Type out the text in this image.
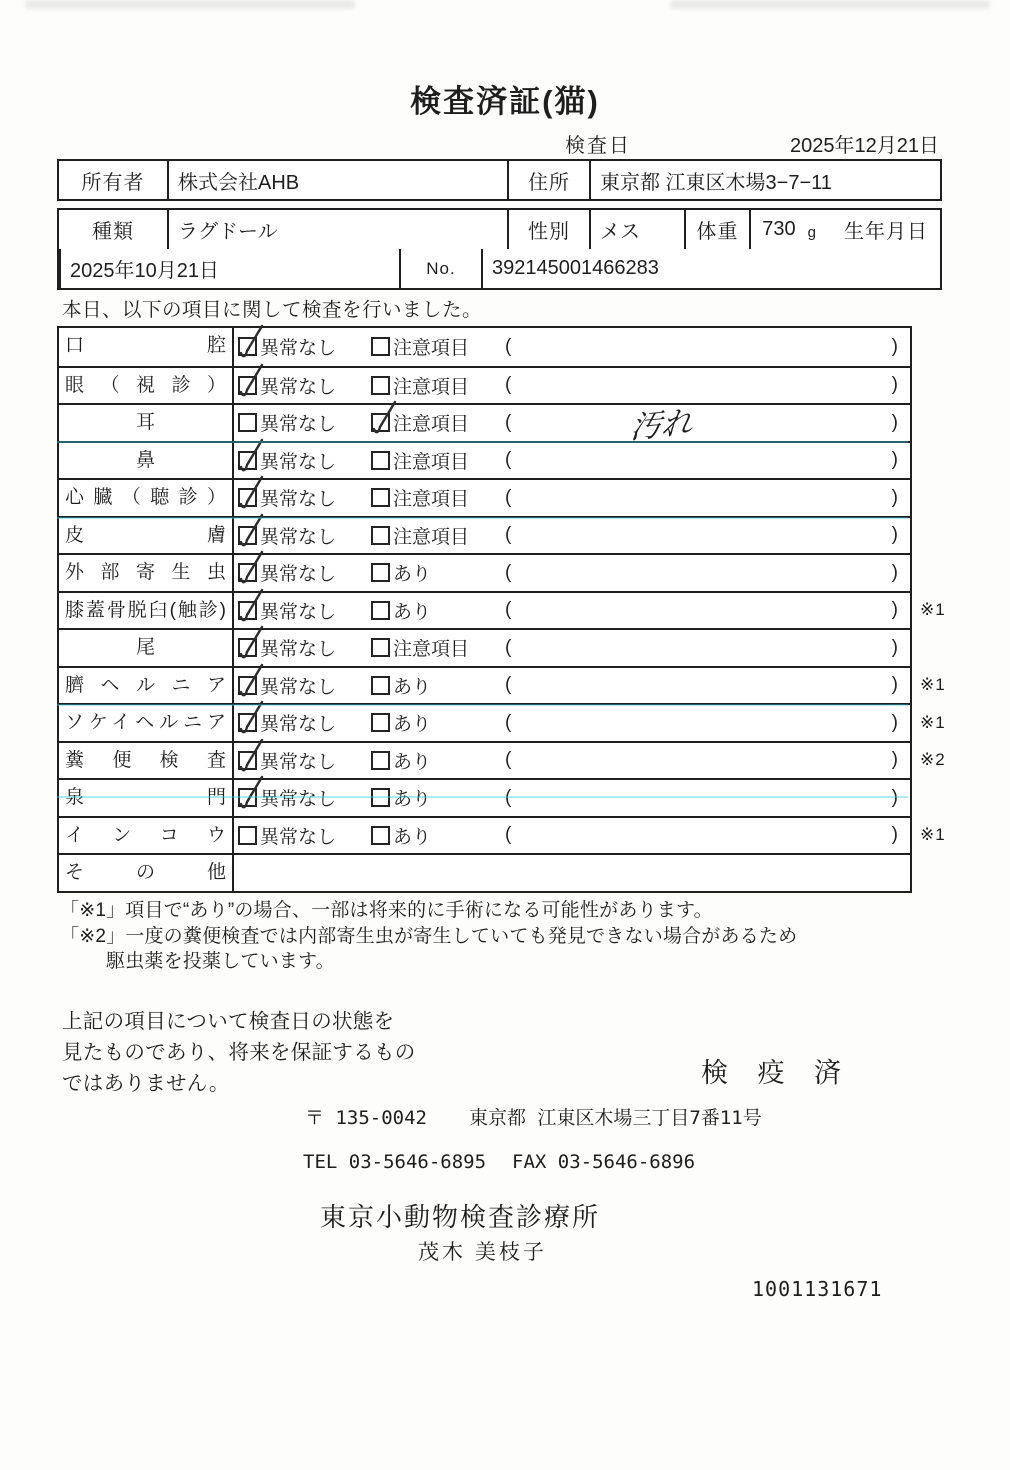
検査済証(猫)
検査日	2025年12月21日
所有者	株式会社AHB	住所	東京都 江東区木場3−7−11
種類	ラグドール	性別	メス	体重	730 g	生年月日
2025年10月21日	No.	392145001466283
本日、以下の項目に関して検査を行いました。
口腔	異常なし	注意項目 (	)
眼（視診）	異常なし	注意項目 (	)
耳	異常なし	注意項目 (	汚れ	)
鼻	異常なし	注意項目 (	)
心臓（聴診）	異常なし	注意項目 (	)
皮膚	異常なし	注意項目 (	)
外部寄生虫	異常なし	あり	(	)
膝蓋骨脱臼(触診)	異常なし	あり	(	) ※1
尾	異常なし	注意項目 (	)
臍ヘルニア	異常なし	あり	(	) ※1
ソケイヘルニア	異常なし	あり	(	) ※1
糞便検査	異常なし	あり	(	) ※2
泉門	異常なし	あり	(	)
インコウ	異常なし	あり	(	) ※1
その他
「※1」項目で“あり”の場合、一部は将来的に手術になる可能性があります。
「※2」一度の糞便検査では内部寄生虫が寄生していても発見できない場合があるため
駆虫薬を投薬しています。
上記の項目について検査日の状態を
見たものであり、将来を保証するもの
ではありません。	検 疫 済
〒 135-0042 東京都 江東区木場三丁目7番11号
TEL 03-5646-6895 FAX 03-5646-6896
東京小動物検査診療所
茂木 美枝子
1001131671
